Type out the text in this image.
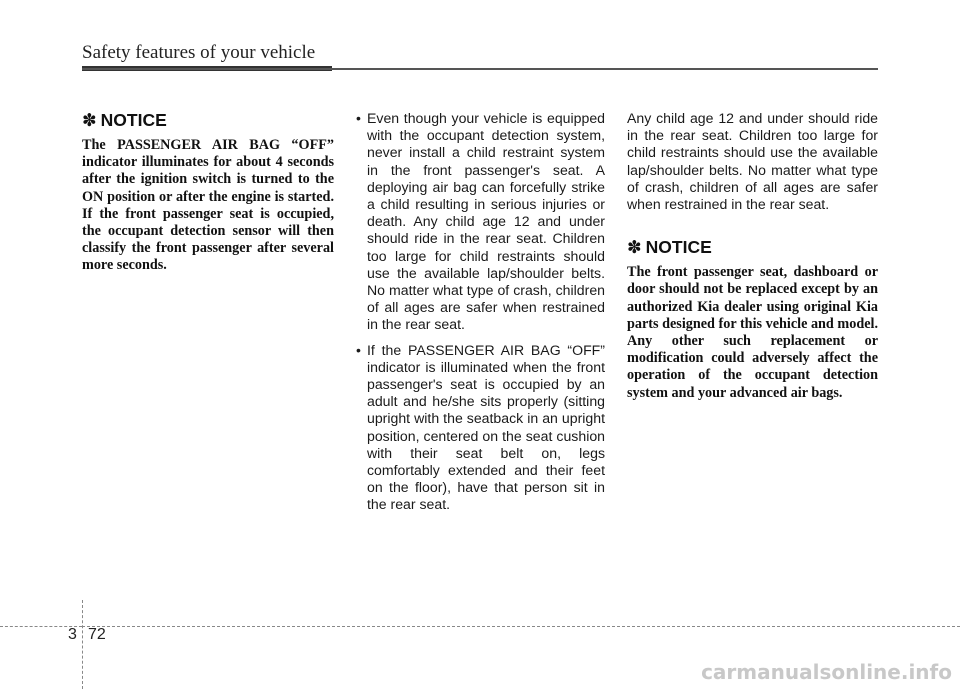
Safety features of your vehicle
✽ NOTICE

The PASSENGER AIR BAG “OFF” indicator illuminates for about 4 seconds after the ignition switch is turned to the ON position or after the engine is started. If the front passenger seat is occupied, the occupant detection sensor will then classify the front passenger after several more seconds.

• Even though your vehicle is equipped with the occupant detection system, never install a child restraint system in the front passenger's seat. A deploying air bag can forcefully strike a child resulting in serious injuries or death. Any child age 12 and under should ride in the rear seat. Children too large for child restraints should use the available lap/shoulder belts. No matter what type of crash, children of all ages are safer when restrained in the rear seat.
• If the PASSENGER AIR BAG “OFF” indicator is illuminated when the front passenger's seat is occupied by an adult and he/she sits properly (sitting upright with the seatback in an upright position, centered on the seat cushion with their seat belt on, legs comfortably extended and their feet on the floor), have that person sit in the rear seat.

Any child age 12 and under should ride in the rear seat. Children too large for child restraints should use the available lap/shoulder belts. No matter what type of crash, children of all ages are safer when restrained in the rear seat.

✽ NOTICE

The front passenger seat, dashboard or door should not be replaced except by an authorized Kia dealer using original Kia parts designed for this vehicle and model. Any other such replacement or modification could adversely affect the operation of the occupant detection system and your advanced air bags.

3 72
carmanualsonline.info
